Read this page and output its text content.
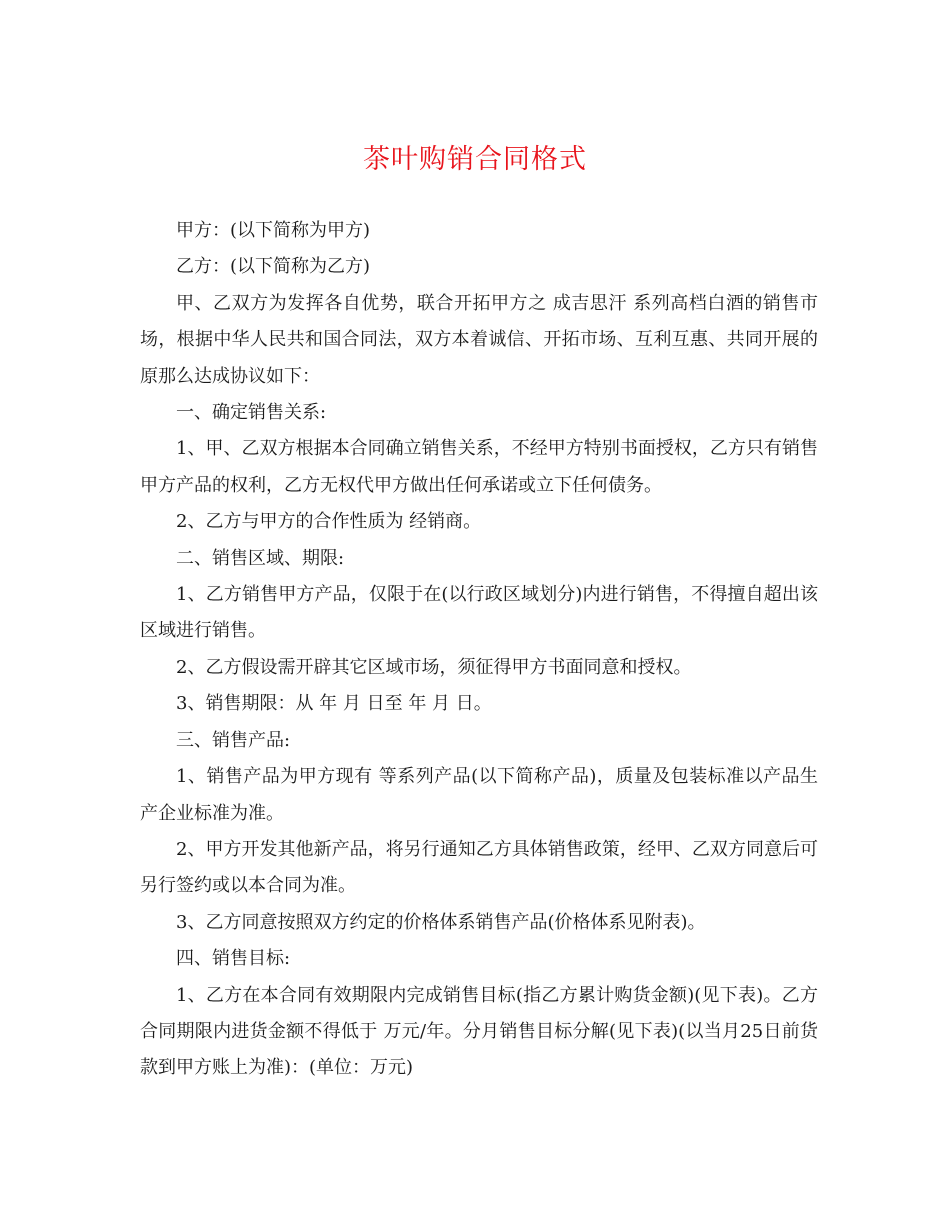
茶叶购销合同格式

甲方：(以下简称为甲方)

乙方：(以下简称为乙方)

甲、乙双方为发挥各自优势，联合开拓甲方之 成吉思汗 系列高档白酒的销售市场，根据中华人民共和国合同法，双方本着诚信、开拓市场、互利互惠、共同开展的原那么达成协议如下：

一、确定销售关系:

1、甲、乙双方根据本合同确立销售关系，不经甲方特别书面授权，乙方只有销售甲方产品的权利，乙方无权代甲方做出任何承诺或立下任何债务。

2、乙方与甲方的合作性质为 经销商。

二、销售区域、期限:

1、乙方销售甲方产品，仅限于在(以行政区域划分)内进行销售，不得擅自超出该区域进行销售。

2、乙方假设需开辟其它区域市场，须征得甲方书面同意和授权。

3、销售期限：从 年 月 日至 年 月 日。

三、销售产品:

1、销售产品为甲方现有 等系列产品(以下简称产品)，质量及包装标准以产品生产企业标准为准。

2、甲方开发其他新产品，将另行通知乙方具体销售政策，经甲、乙双方同意后可另行签约或以本合同为准。

3、乙方同意按照双方约定的价格体系销售产品(价格体系见附表)。

四、销售目标:

1、乙方在本合同有效期限内完成销售目标(指乙方累计购货金额)(见下表)。乙方合同期限内进货金额不得低于 万元/年。分月销售目标分解(见下表)(以当月25日前货款到甲方账上为准)：(单位：万元)
